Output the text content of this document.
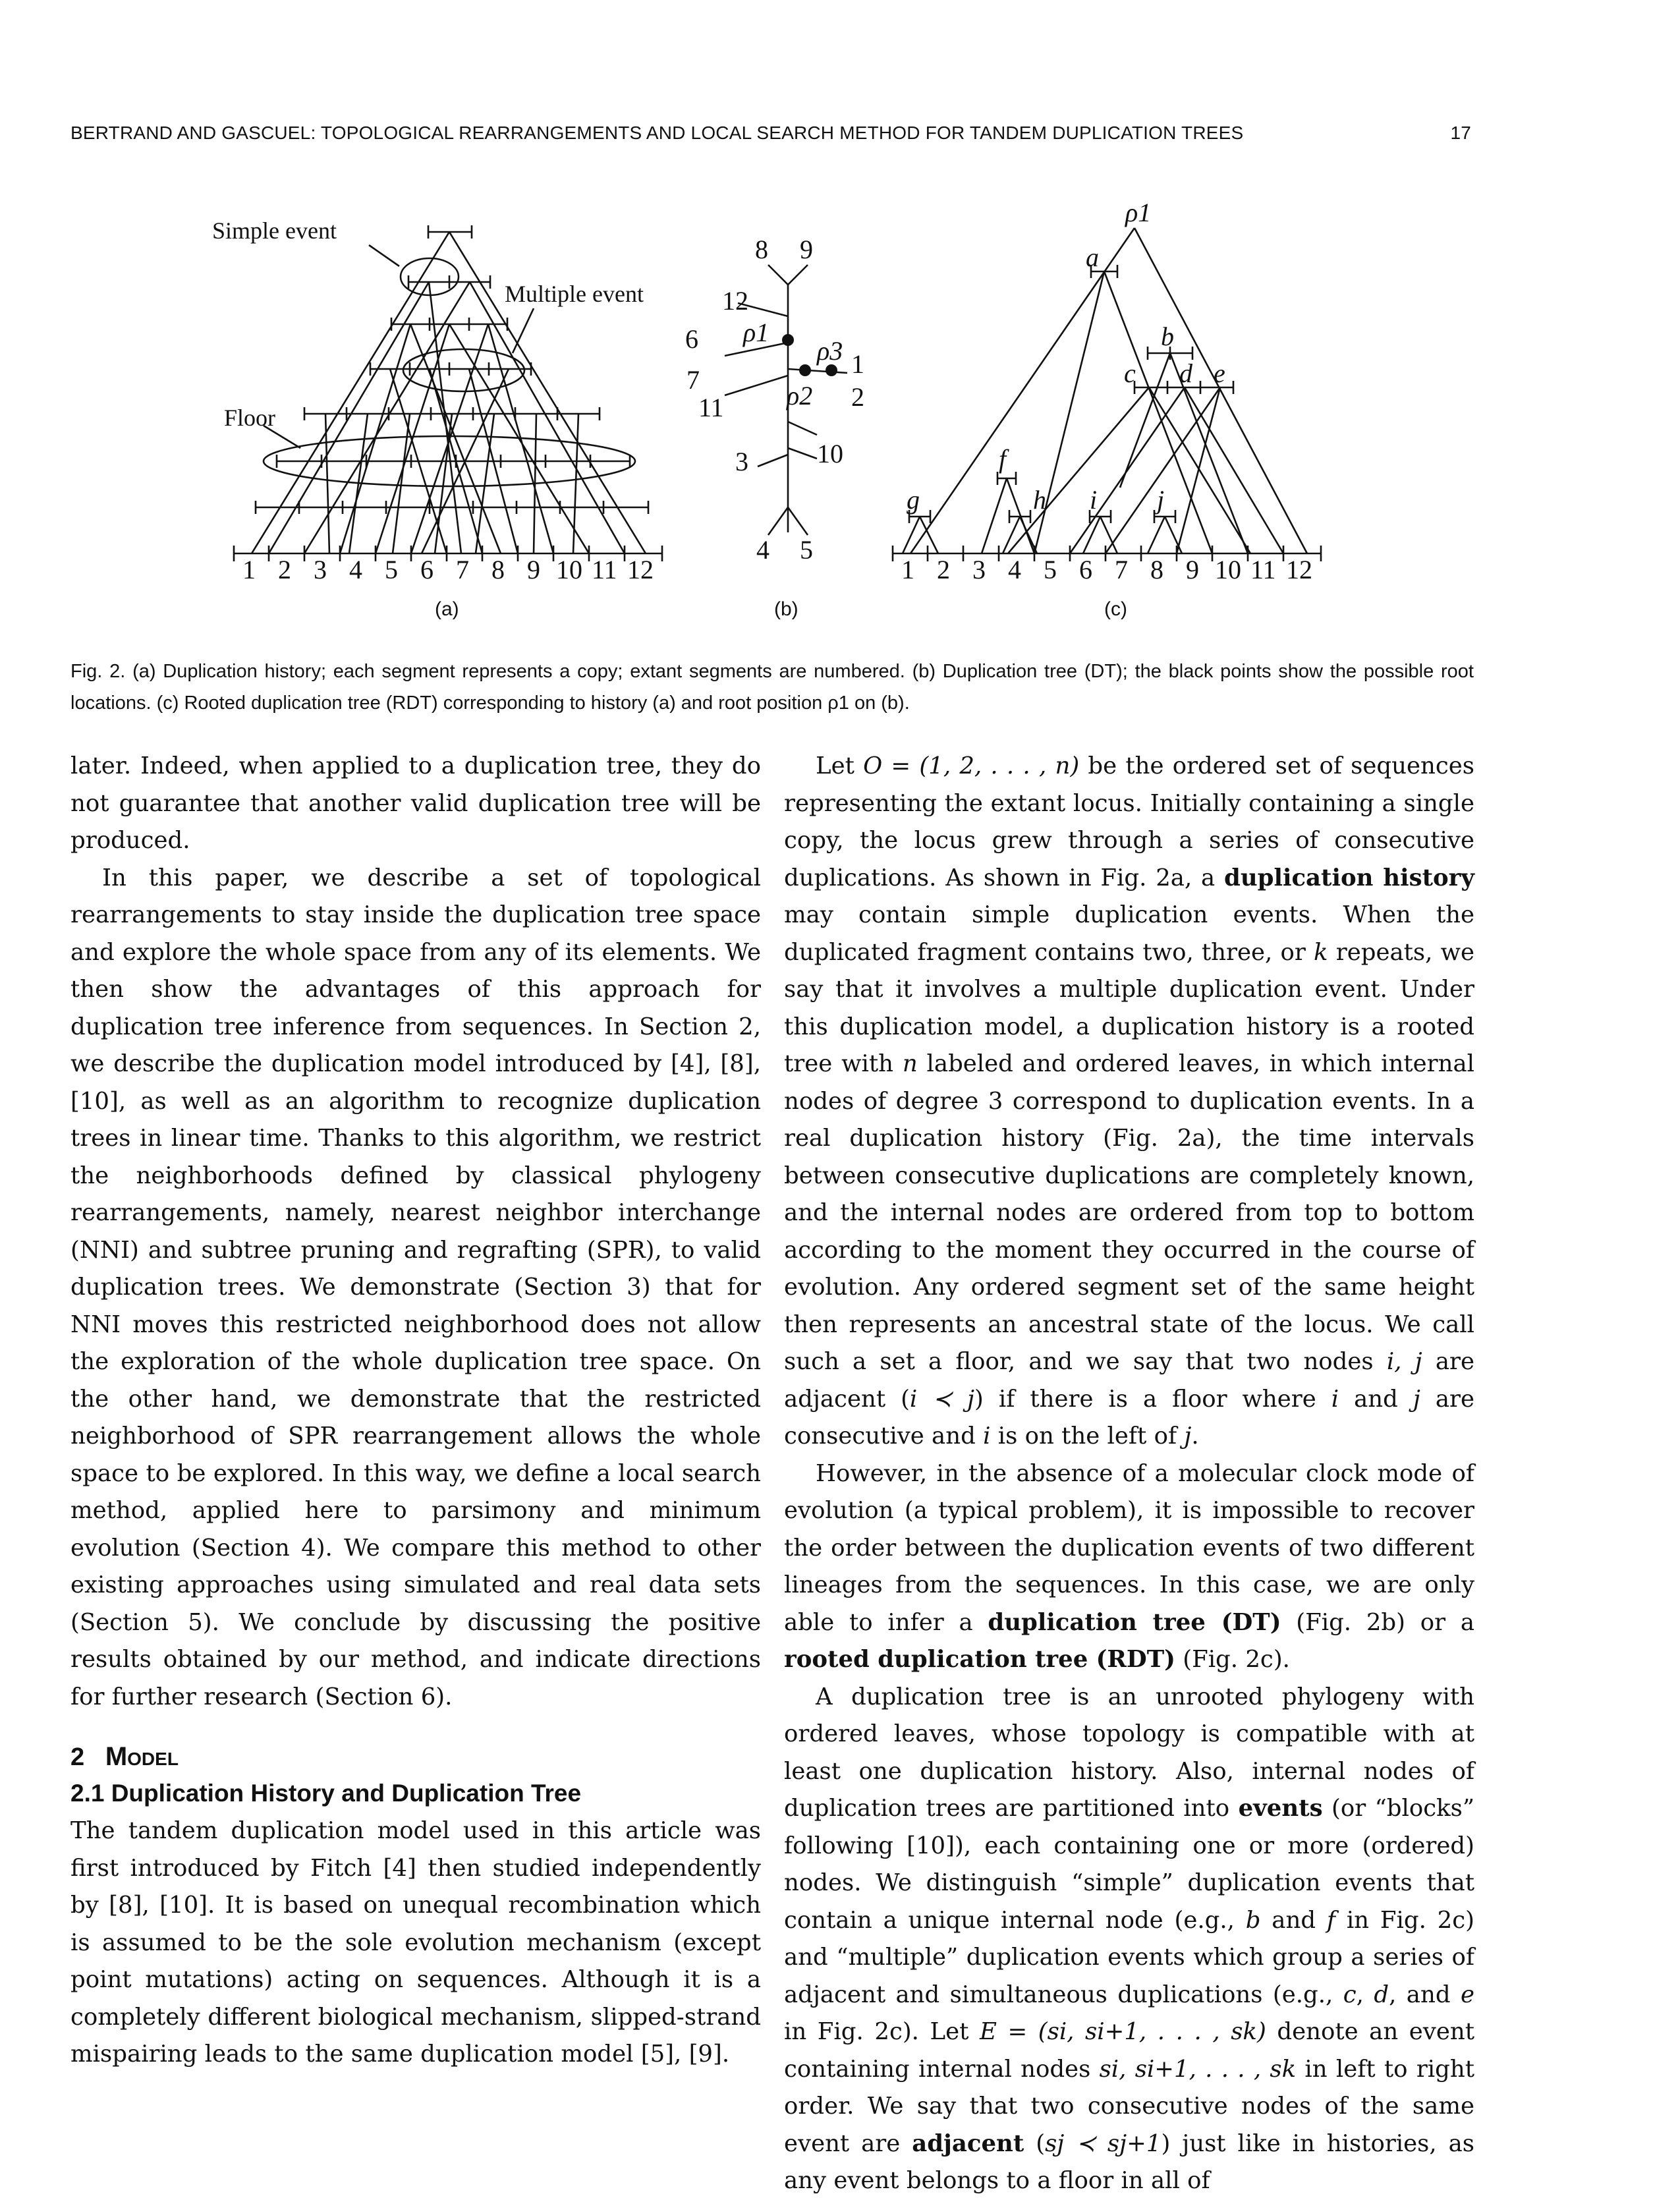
BERTRAND AND GASCUEL: TOPOLOGICAL REARRANGEMENTS AND LOCAL SEARCH METHOD FOR TANDEM DUPLICATION TREES	17
Simple event
Multiple event
Floor
1 2 3 4 5 6 7 8 9 10 11 12
8 9
12
6
7
11
3	10
4 5
1
2
ρ1
ρ2
ρ3
ρ1
a
b
c d e
f
g	h i j
1 2 3 4 5 6 7 8 9 10 11 12
(a)	(b)	(c)
Fig. 2. (a) Duplication history; each segment represents a copy; extant segments are numbered. (b) Duplication tree (DT); the black points show the possible root locations. (c) Rooted duplication tree (RDT) corresponding to history (a) and root position ρ1 on (b).

later. Indeed, when applied to a duplication tree, they do not guarantee that another valid duplication tree will be produced.

In this paper, we describe a set of topological rearrangements to stay inside the duplication tree space and explore the whole space from any of its elements. We then show the advantages of this approach for duplication tree inference from sequences. In Section 2, we describe the duplication model introduced by [4], [8], [10], as well as an algorithm to recognize duplication trees in linear time. Thanks to this algorithm, we restrict the neighborhoods defined by classical phylogeny rearrangements, namely, nearest neighbor interchange (NNI) and subtree pruning and regrafting (SPR), to valid duplication trees. We demonstrate (Section 3) that for NNI moves this restricted neighborhood does not allow the exploration of the whole duplication tree space. On the other hand, we demonstrate that the restricted neighborhood of SPR rearrangement allows the whole space to be explored. In this way, we define a local search method, applied here to parsimony and minimum evolution (Section 4). We compare this method to other existing approaches using simulated and real data sets (Section 5). We conclude by discussing the positive results obtained by our method, and indicate directions for further research (Section 6).

2 Model
2.1 Duplication History and Duplication Tree

The tandem duplication model used in this article was first introduced by Fitch [4] then studied independently by [8], [10]. It is based on unequal recombination which is assumed to be the sole evolution mechanism (except point mutations) acting on sequences. Although it is a completely different biological mechanism, slipped-strand mispairing leads to the same duplication model [5], [9].

Let O = (1, 2, . . . , n) be the ordered set of sequences representing the extant locus. Initially containing a single copy, the locus grew through a series of consecutive duplications. As shown in Fig. 2a, a duplication history may contain simple duplication events. When the duplicated fragment contains two, three, or k repeats, we say that it involves a multiple duplication event. Under this duplication model, a duplication history is a rooted tree with n labeled and ordered leaves, in which internal nodes of degree 3 correspond to duplication events. In a real duplication history (Fig. 2a), the time intervals between consecutive duplications are completely known, and the internal nodes are ordered from top to bottom according to the moment they occurred in the course of evolution. Any ordered segment set of the same height then represents an ancestral state of the locus. We call such a set a floor, and we say that two nodes i, j are adjacent (i ≺ j) if there is a floor where i and j are consecutive and i is on the left of j.

However, in the absence of a molecular clock mode of evolution (a typical problem), it is impossible to recover the order between the duplication events of two different lineages from the sequences. In this case, we are only able to infer a duplication tree (DT) (Fig. 2b) or a rooted duplication tree (RDT) (Fig. 2c).

A duplication tree is an unrooted phylogeny with ordered leaves, whose topology is compatible with at least one duplication history. Also, internal nodes of duplication trees are partitioned into events (or “blocks” following [10]), each containing one or more (ordered) nodes. We distinguish “simple” duplication events that contain a unique internal node (e.g., b and f in Fig. 2c) and “multiple” duplication events which group a series of adjacent and simultaneous duplications (e.g., c, d, and e in Fig. 2c). Let E = (si, si+1, . . . , sk) denote an event containing internal nodes si, si+1, . . . , sk in left to right order. We say that two consecutive nodes of the same event are adjacent (sj ≺ sj+1) just like in histories, as any event belongs to a floor in all of
